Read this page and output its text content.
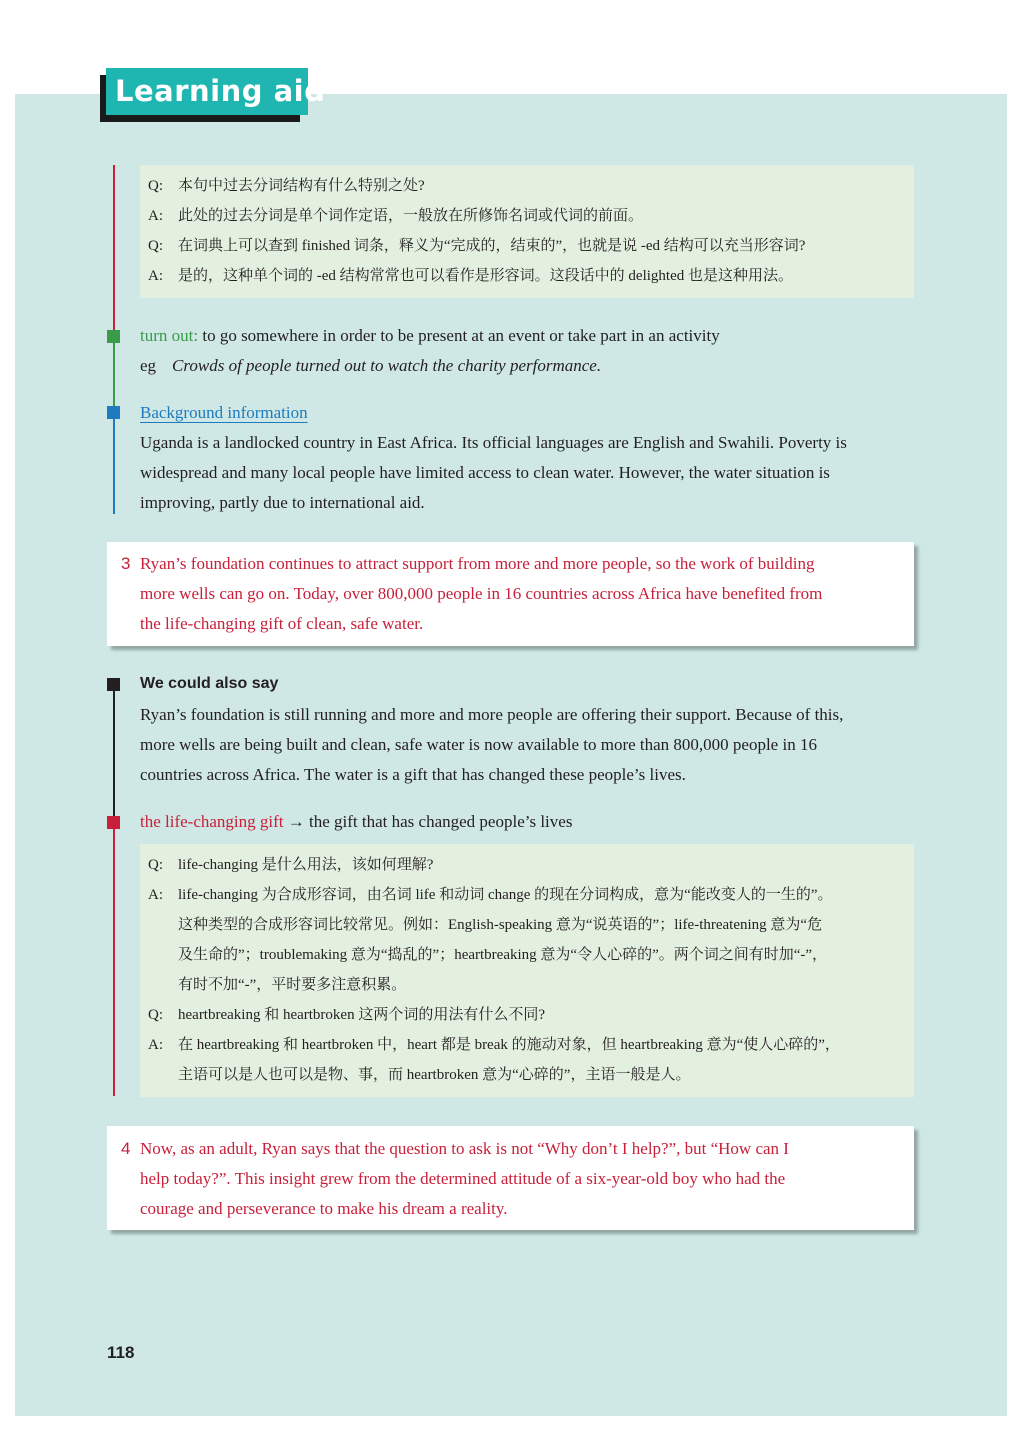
Learning aid
Q: 本句中过去分词结构有什么特别之处?
A: 此处的过去分词是单个词作定语，一般放在所修饰名词或代词的前面。
Q: 在词典上可以查到 finished 词条，释义为“完成的，结束的”，也就是说 -ed 结构可以充当形容词?
A: 是的，这种单个词的 -ed 结构常常也可以看作是形容词。这段话中的 delighted 也是这种用法。
turn out: to go somewhere in order to be present at an event or take part in an activity
eg Crowds of people turned out to watch the charity performance.
Background information
Uganda is a landlocked country in East Africa. Its official languages are English and Swahili. Poverty is
widespread and many local people have limited access to clean water. However, the water situation is
improving, partly due to international aid.
3 Ryan’s foundation continues to attract support from more and more people, so the work of building
more wells can go on. Today, over 800,000 people in 16 countries across Africa have benefited from
the life-changing gift of clean, safe water.
We could also say
Ryan’s foundation is still running and more and more people are offering their support. Because of this,
more wells are being built and clean, safe water is now available to more than 800,000 people in 16
countries across Africa. The water is a gift that has changed these people’s lives.
the life-changing gift → the gift that has changed people’s lives
Q: life-changing 是什么用法，该如何理解?
A: life-changing 为合成形容词，由名词 life 和动词 change 的现在分词构成，意为“能改变人的一生的”。
这种类型的合成形容词比较常见。例如：English-speaking 意为“说英语的”；life-threatening 意为“危
及生命的”；troublemaking 意为“捣乱的”；heartbreaking 意为“令人心碎的”。两个词之间有时加“-”，
有时不加“-”，平时要多注意积累。
Q: heartbreaking 和 heartbroken 这两个词的用法有什么不同?
A: 在 heartbreaking 和 heartbroken 中，heart 都是 break 的施动对象，但 heartbreaking 意为“使人心碎的”，
主语可以是人也可以是物、事，而 heartbroken 意为“心碎的”，主语一般是人。
4 Now, as an adult, Ryan says that the question to ask is not “Why don’t I help?”, but “How can I
help today?”. This insight grew from the determined attitude of a six-year-old boy who had the
courage and perseverance to make his dream a reality.
118
